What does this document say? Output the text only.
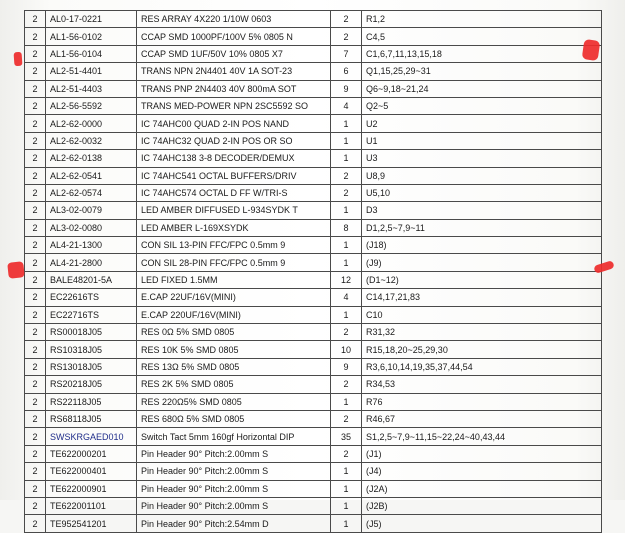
2	AL0-17-0221	RES ARRAY 4X220 1/10W 0603	2	R1,2
2	AL1-56-0102	CCAP SMD 1000PF/100V 5% 0805 N	2	C4,5
2	AL1-56-0104	CCAP SMD 1UF/50V 10% 0805 X7	7	C1,6,7,11,13,15,18
2	AL2-51-4401	TRANS NPN 2N4401 40V 1A SOT-23	6	Q1,15,25,29~31
2	AL2-51-4403	TRANS PNP 2N4403 40V 800mA SOT	9	Q6~9,18~21,24
2	AL2-56-5592	TRANS MED-POWER NPN 2SC5592 SO	4	Q2~5
2	AL2-62-0000	IC 74AHC00 QUAD 2-IN POS NAND	1	U2
2	AL2-62-0032	IC 74AHC32 QUAD 2-IN POS OR SO	1	U1
2	AL2-62-0138	IC 74AHC138 3-8 DECODER/DEMUX	1	U3
2	AL2-62-0541	IC 74AHC541 OCTAL BUFFERS/DRIV	2	U8,9
2	AL2-62-0574	IC 74AHC574 OCTAL D FF W/TRI-S	2	U5,10
2	AL3-02-0079	LED AMBER DIFFUSED L-934SYDK T	1	D3
2	AL3-02-0080	LED AMBER L-169XSYDK	8	D1,2,5~7,9~11
2	AL4-21-1300	CON SIL 13-PIN FFC/FPC 0.5mm 9	1	(J18)
2	AL4-21-2800	CON SIL 28-PIN FFC/FPC 0.5mm 9	1	(J9)
2	BALE48201-5A	LED FIXED 1.5MM	12	(D1~12)
2	EC22616TS	E.CAP 22UF/16V(MINI)	4	C14,17,21,83
2	EC22716TS	E.CAP 220UF/16V(MINI)	1	C10
2	RS00018J05	RES 0Ω 5% SMD 0805	2	R31,32
2	RS10318J05	RES 10K 5% SMD 0805	10	R15,18,20~25,29,30
2	RS13018J05	RES 13Ω 5% SMD 0805	9	R3,6,10,14,19,35,37,44,54
2	RS20218J05	RES 2K 5% SMD 0805	2	R34,53
2	RS22118J05	RES 220Ω5% SMD 0805	1	R76
2	RS68118J05	RES 680Ω 5% SMD 0805	2	R46,67
2	SWSKRGAED010	Switch Tact 5mm 160gf Horizontal DIP	35	S1,2,5~7,9~11,15~22,24~40,43,44
2	TE622000201	Pin Header 90° Pitch:2.00mm S	2	(J1)
2	TE622000401	Pin Header 90° Pitch:2.00mm S	1	(J4)
2	TE622000901	Pin Header 90° Pitch:2.00mm S	1	(J2A)
2	TE622001101	Pin Header 90° Pitch:2.00mm S	1	(J2B)
2	TE952541201	Pin Header 90° Pitch:2.54mm D	1	(J5)
